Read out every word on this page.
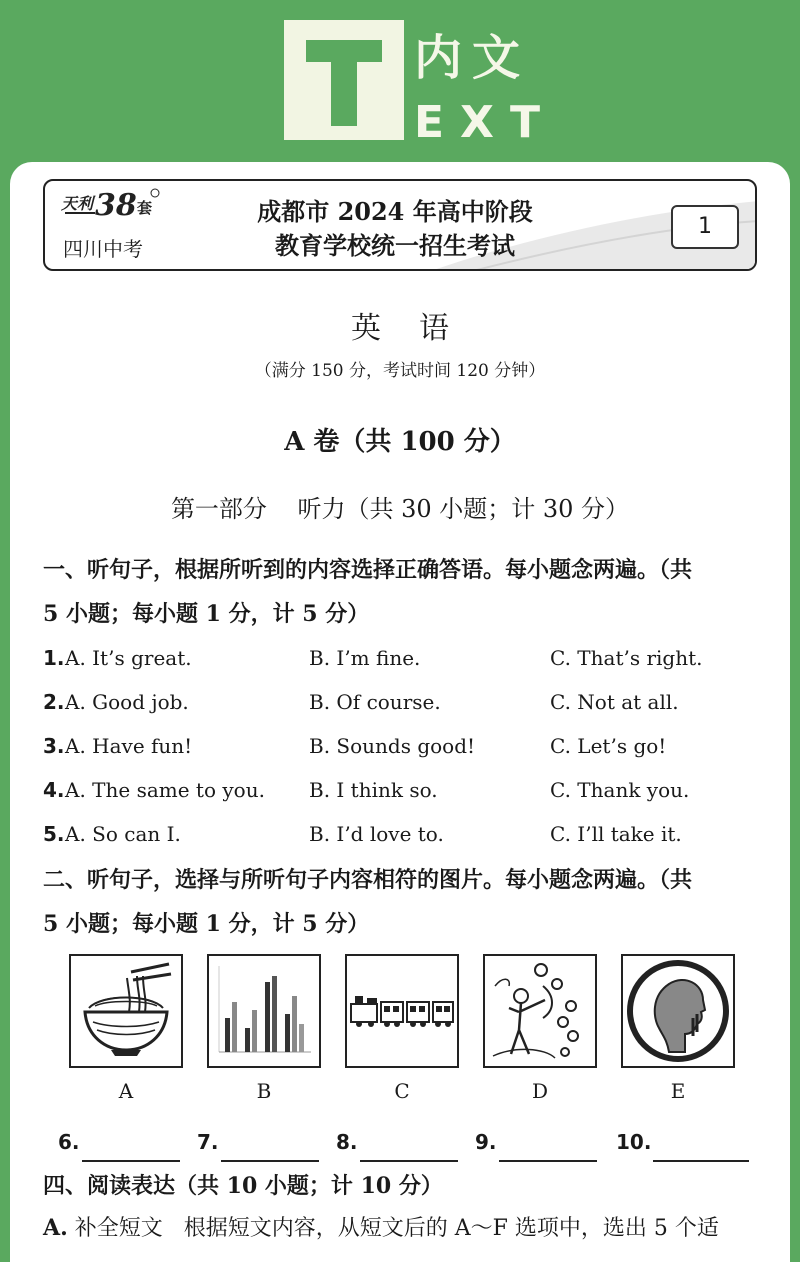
内文
EXT
天利 38 套
四川中考
成都市 2024 年高中阶段
教育学校统一招生考试
1
英语
（满分 150 分，考试时间 120 分钟）
A 卷（共 100 分）
第一部分 听力（共 30 小题；计 30 分）
一、听句子，根据所听到的内容选择正确答语。每小题念两遍。（共
5 小题；每小题 1 分，计 5 分）
1. A. It’s great.	B. I’m fine.	C. That’s right.
2. A. Good job.	B. Of course.	C. Not at all.
3. A. Have fun!	B. Sounds good!	C. Let’s go!
4. A. The same to you. B. I think so.	C. Thank you.
5. A. So can I.	B. I’d love to.	C. I’ll take it.
二、听句子，选择与所听句子内容相符的图片。每小题念两遍。（共
5 小题；每小题 1 分，计 5 分）
A	B	C	D	E
6.	7.	8.	9.	10.
四、阅读表达（共 10 小题；计 10 分）
A. 补全短文 根据短文内容，从短文后的 A～F 选项中，选出 5 个适
